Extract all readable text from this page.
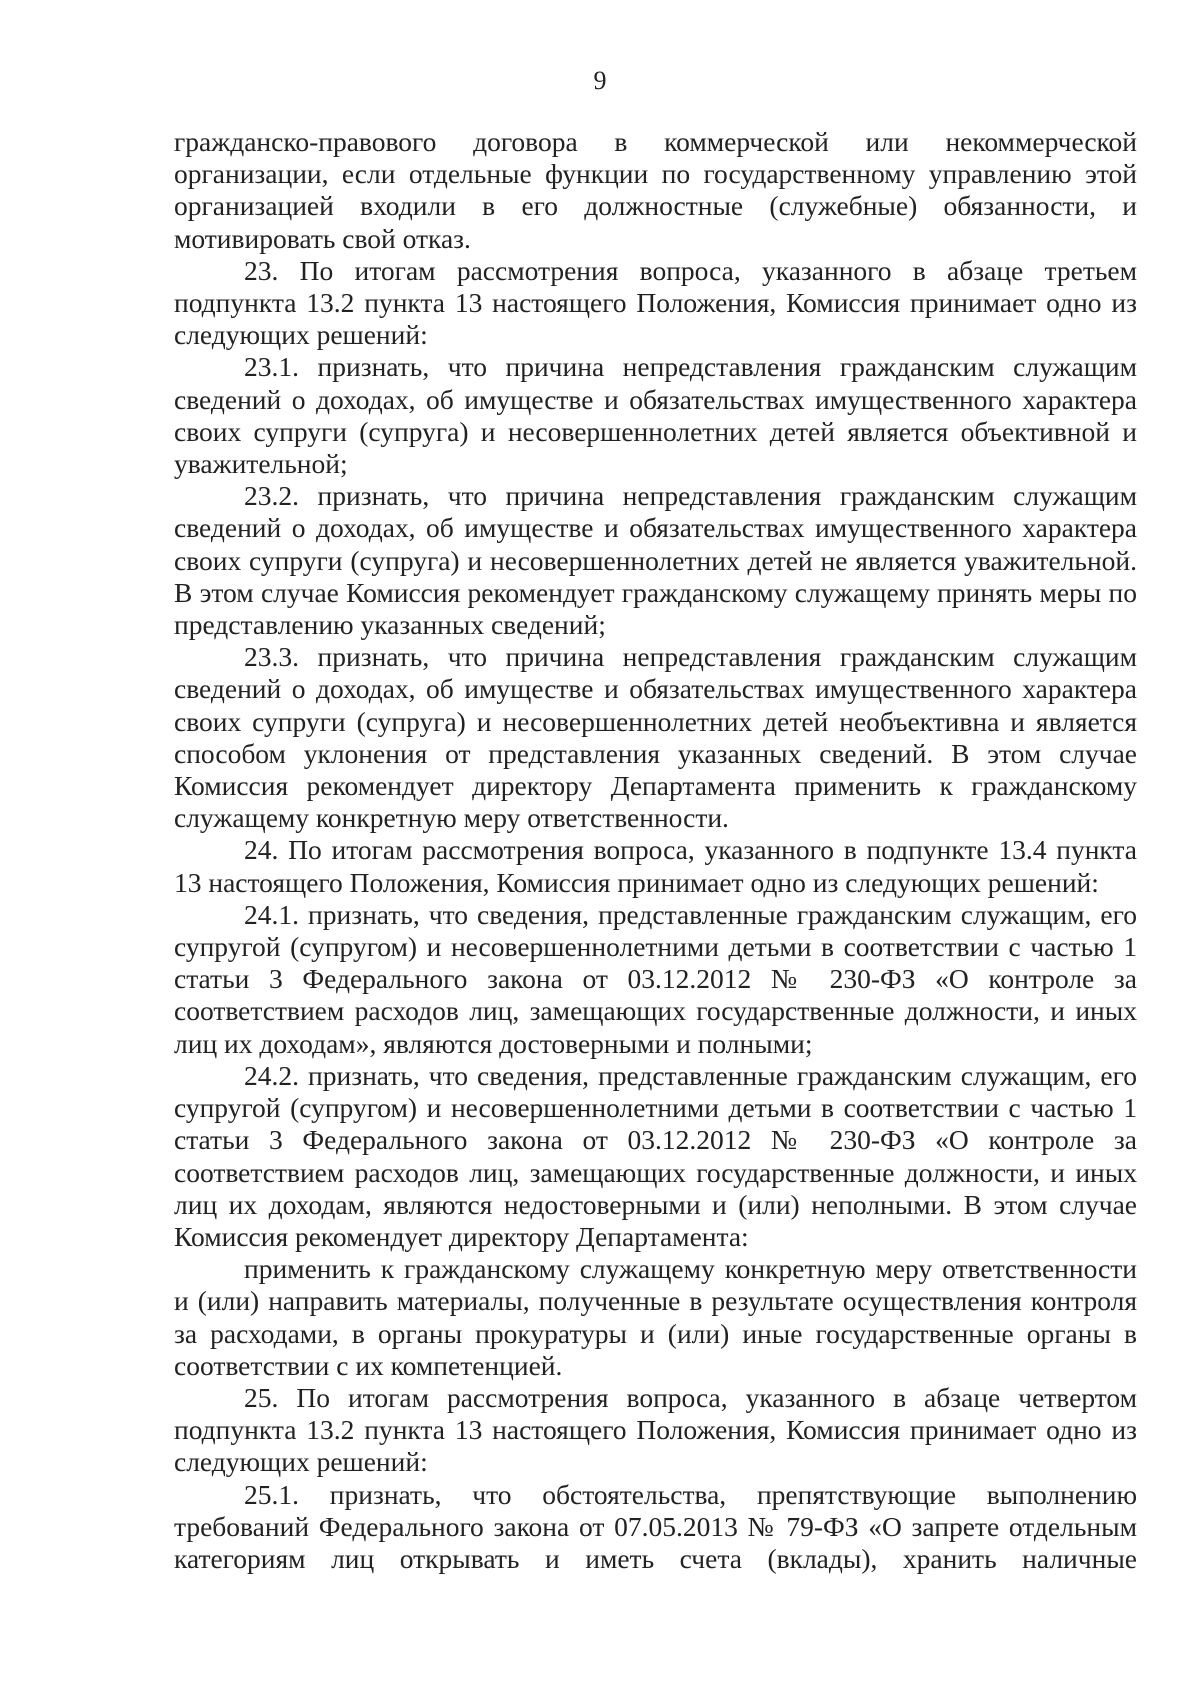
9

гражданско-правового договора в коммерческой или некоммерческой организации, если отдельные функции по государственному управлению этой организацией входили в его должностные (служебные) обязанности, и мотивировать свой отказ.

23. По итогам рассмотрения вопроса, указанного в абзаце третьем подпункта 13.2 пункта 13 настоящего Положения, Комиссия принимает одно из следующих решений:

23.1. признать, что причина непредставления гражданским служащим сведений о доходах, об имуществе и обязательствах имущественного характера своих супруги (супруга) и несовершеннолетних детей является объективной и уважительной;

23.2. признать, что причина непредставления гражданским служащим сведений о доходах, об имуществе и обязательствах имущественного характера своих супруги (супруга) и несовершеннолетних детей не является уважительной. В этом случае Комиссия рекомендует гражданскому служащему принять меры по представлению указанных сведений;

23.3. признать, что причина непредставления гражданским служащим сведений о доходах, об имуществе и обязательствах имущественного характера своих супруги (супруга) и несовершеннолетних детей необъективна и является способом уклонения от представления указанных сведений. В этом случае Комиссия рекомендует директору Департамента применить к гражданскому служащему конкретную меру ответственности.

24. По итогам рассмотрения вопроса, указанного в подпункте 13.4 пункта 13 настоящего Положения, Комиссия принимает одно из следующих решений:

24.1. признать, что сведения, представленные гражданским служащим, его супругой (супругом) и несовершеннолетними детьми в соответствии с частью 1 статьи 3 Федерального закона от 03.12.2012 № 230-ФЗ «О контроле за соответствием расходов лиц, замещающих государственные должности, и иных лиц их доходам», являются достоверными и полными;

24.2. признать, что сведения, представленные гражданским служащим, его супругой (супругом) и несовершеннолетними детьми в соответствии с частью 1 статьи 3 Федерального закона от 03.12.2012 № 230-ФЗ «О контроле за соответствием расходов лиц, замещающих государственные должности, и иных лиц их доходам, являются недостоверными и (или) неполными. В этом случае Комиссия рекомендует директору Департамента:

применить к гражданскому служащему конкретную меру ответственности и (или) направить материалы, полученные в результате осуществления контроля за расходами, в органы прокуратуры и (или) иные государственные органы в соответствии с их компетенцией.

25. По итогам рассмотрения вопроса, указанного в абзаце четвертом подпункта 13.2 пункта 13 настоящего Положения, Комиссия принимает одно из следующих решений:

25.1. признать, что обстоятельства, препятствующие выполнению требований Федерального закона от 07.05.2013 № 79-ФЗ «О запрете отдельным категориям лиц открывать и иметь счета (вклады), хранить наличные
